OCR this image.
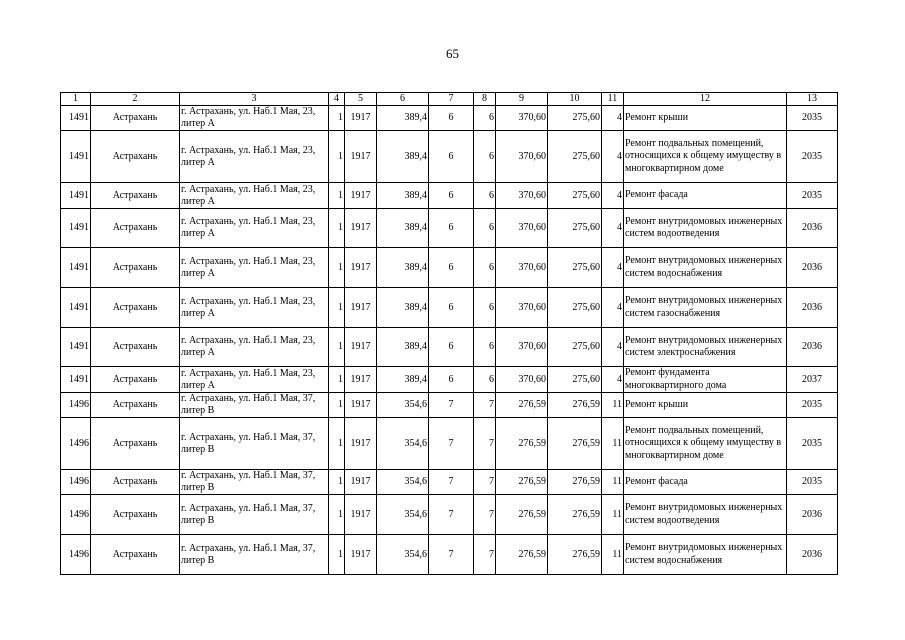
65
1	2	3	4	5	6	7	8	9	10	11	12	13
1491	Астрахань	г. Астрахань, ул. Наб.1 Мая, 23, литер А	1	1917	389,4	6	6	370,60	275,60	4	Ремонт крыши	2035
1491	Астрахань	г. Астрахань, ул. Наб.1 Мая, 23, литер А	1	1917	389,4	6	6	370,60	275,60	4	Ремонт подвальных помещений, относящихся к общему имуществу в многоквартирном доме	2035
1491	Астрахань	г. Астрахань, ул. Наб.1 Мая, 23, литер А	1	1917	389,4	6	6	370,60	275,60	4	Ремонт фасада	2035
1491	Астрахань	г. Астрахань, ул. Наб.1 Мая, 23, литер А	1	1917	389,4	6	6	370,60	275,60	4	Ремонт внутридомовых инженерных систем водоотведения	2036
1491	Астрахань	г. Астрахань, ул. Наб.1 Мая, 23, литер А	1	1917	389,4	6	6	370,60	275,60	4	Ремонт внутридомовых инженерных систем водоснабжения	2036
1491	Астрахань	г. Астрахань, ул. Наб.1 Мая, 23, литер А	1	1917	389,4	6	6	370,60	275,60	4	Ремонт внутридомовых инженерных систем газоснабжения	2036
1491	Астрахань	г. Астрахань, ул. Наб.1 Мая, 23, литер А	1	1917	389,4	6	6	370,60	275,60	4	Ремонт внутридомовых инженерных систем электроснабжения	2036
1491	Астрахань	г. Астрахань, ул. Наб.1 Мая, 23, литер А	1	1917	389,4	6	6	370,60	275,60	4	Ремонт фундамента многоквартирного дома	2037
1496	Астрахань	г. Астрахань, ул. Наб.1 Мая, 37, литер В	1	1917	354,6	7	7	276,59	276,59	11	Ремонт крыши	2035
1496	Астрахань	г. Астрахань, ул. Наб.1 Мая, 37, литер В	1	1917	354,6	7	7	276,59	276,59	11	Ремонт подвальных помещений, относящихся к общему имуществу в многоквартирном доме	2035
1496	Астрахань	г. Астрахань, ул. Наб.1 Мая, 37, литер В	1	1917	354,6	7	7	276,59	276,59	11	Ремонт фасада	2035
1496	Астрахань	г. Астрахань, ул. Наб.1 Мая, 37, литер В	1	1917	354,6	7	7	276,59	276,59	11	Ремонт внутридомовых инженерных систем водоотведения	2036
1496	Астрахань	г. Астрахань, ул. Наб.1 Мая, 37, литер В	1	1917	354,6	7	7	276,59	276,59	11	Ремонт внутридомовых инженерных систем водоснабжения	2036
